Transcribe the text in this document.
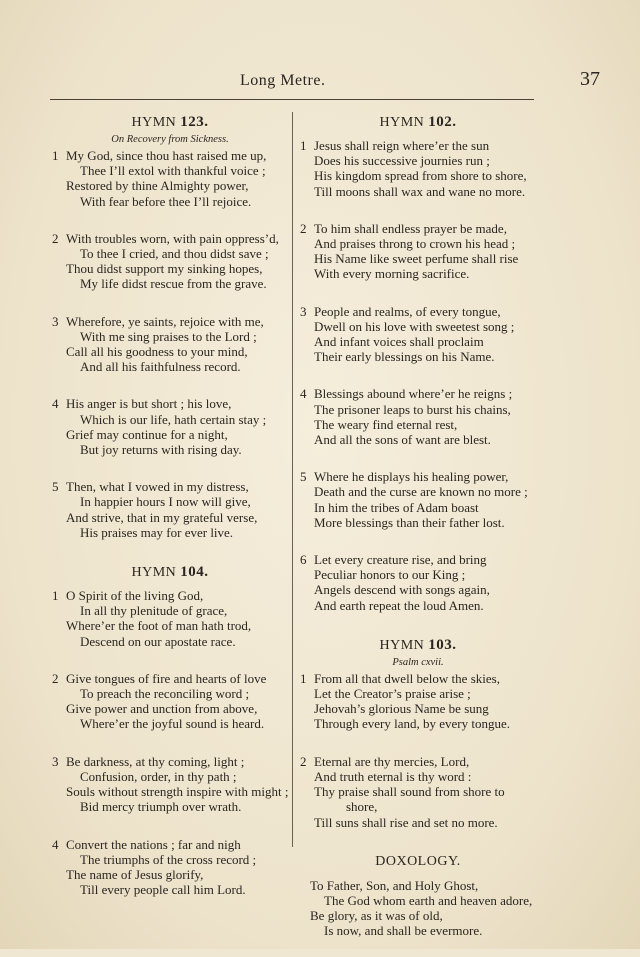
Long Metre.	37
HYMN 123.
On Recovery from Sickness.
1 My God, since thou hast raised me up,
Thee I’ll extol with thankful voice ;
Restored by thine Almighty power,
With fear before thee I’ll rejoice.
2 With troubles worn, with pain oppress’d,
To thee I cried, and thou didst save ;
Thou didst support my sinking hopes,
My life didst rescue from the grave.
3 Wherefore, ye saints, rejoice with me,
With me sing praises to the Lord ;
Call all his goodness to your mind,
And all his faithfulness record.
4 His anger is but short ; his love,
Which is our life, hath certain stay ;
Grief may continue for a night,
But joy returns with rising day.
5 Then, what I vowed in my distress,
In happier hours I now will give,
And strive, that in my grateful verse,
His praises may for ever live.
HYMN 104.
1 O Spirit of the living God,
In all thy plenitude of grace,
Where’er the foot of man hath trod,
Descend on our apostate race.
2 Give tongues of fire and hearts of love
To preach the reconciling word ;
Give power and unction from above,
Where’er the joyful sound is heard.
3 Be darkness, at thy coming, light ;
Confusion, order, in thy path ;
Souls without strength inspire with might ;
Bid mercy triumph over wrath.
4 Convert the nations ; far and nigh
The triumphs of the cross record ;
The name of Jesus glorify,
Till every people call him Lord.
HYMN 102.
1 Jesus shall reign where’er the sun
Does his successive journies run ;
His kingdom spread from shore to shore,
Till moons shall wax and wane no more.
2 To him shall endless prayer be made,
And praises throng to crown his head ;
His Name like sweet perfume shall rise
With every morning sacrifice.
3 People and realms, of every tongue,
Dwell on his love with sweetest song ;
And infant voices shall proclaim
Their early blessings on his Name.
4 Blessings abound where’er he reigns ;
The prisoner leaps to burst his chains,
The weary find eternal rest,
And all the sons of want are blest.
5 Where he displays his healing power,
Death and the curse are known no more ;
In him the tribes of Adam boast
More blessings than their father lost.
6 Let every creature rise, and bring
Peculiar honors to our King ;
Angels descend with songs again,
And earth repeat the loud Amen.
HYMN 103.
Psalm cxvii.
1 From all that dwell below the skies,
Let the Creator’s praise arise ;
Jehovah’s glorious Name be sung
Through every land, by every tongue.
2 Eternal are thy mercies, Lord,
And truth eternal is thy word :
Thy praise shall sound from shore to
shore,
Till suns shall rise and set no more.
DOXOLOGY.
To Father, Son, and Holy Ghost,
The God whom earth and heaven adore,
Be glory, as it was of old,
Is now, and shall be evermore.
